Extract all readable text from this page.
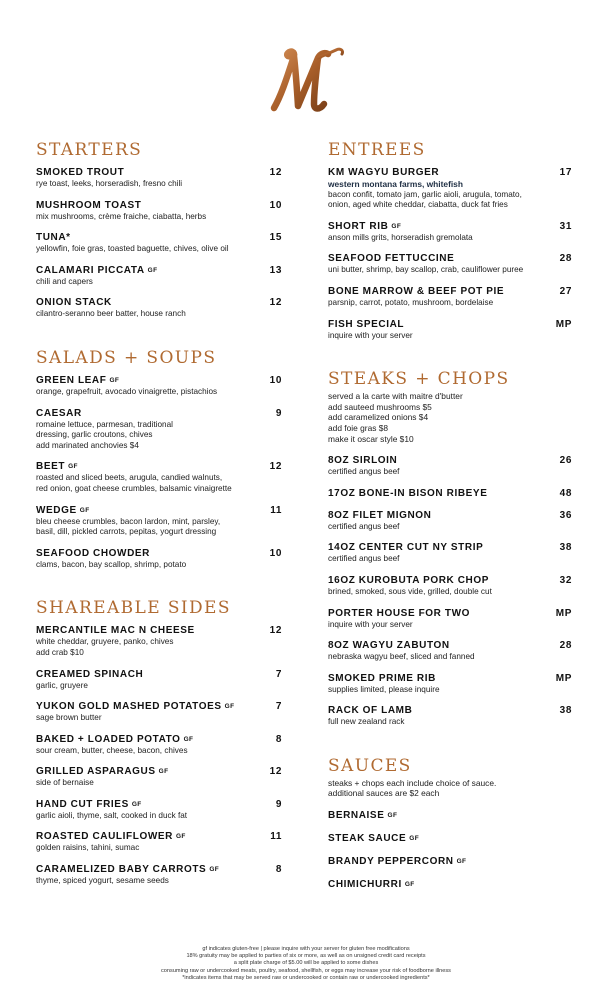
STARTERS
SMOKED TROUT	12
rye toast, leeks, horseradish, fresno chili
MUSHROOM TOAST	10
mix mushrooms, crème fraiche, ciabatta, herbs
TUNA*	15
yellowfin, foie gras, toasted baguette, chives, olive oil
CALAMARI PICCATA GF	13
chili and capers
ONION STACK	12
cilantro-seranno beer batter, house ranch
SALADS + SOUPS
GREEN LEAF GF	10
orange, grapefruit, avocado vinaigrette, pistachios
CAESAR	9
romaine lettuce, parmesan, traditional
dressing, garlic croutons, chives
add marinated anchovies $4
BEET GF	12
roasted and sliced beets, arugula, candied walnuts,
red onion, goat cheese crumbles, balsamic vinaigrette
WEDGE GF	11
bleu cheese crumbles, bacon lardon, mint, parsley,
basil, dill, pickled carrots, pepitas, yogurt dressing
SEAFOOD CHOWDER	10
clams, bacon, bay scallop, shrimp, potato
SHAREABLE SIDES
MERCANTILE MAC N CHEESE	12
white cheddar, gruyere, panko, chives
add crab $10
CREAMED SPINACH	7
garlic, gruyere
YUKON GOLD MASHED POTATOES GF	7
sage brown butter
BAKED + LOADED POTATO GF	8
sour cream, butter, cheese, bacon, chives
GRILLED ASPARAGUS GF	12
side of bernaise
HAND CUT FRIES GF	9
garlic aioli, thyme, salt, cooked in duck fat
ROASTED CAULIFLOWER GF	11
golden raisins, tahini, sumac
CARAMELIZED BABY CARROTS GF	8
thyme, spiced yogurt, sesame seeds
ENTREES
KM WAGYU BURGER	17
western montana farms, whitefish
bacon confit, tomato jam, garlic aioli, arugula, tomato,
onion, aged white cheddar, ciabatta, duck fat fries
SHORT RIB GF	31
anson mills grits, horseradish gremolata
SEAFOOD FETTUCCINE	28
uni butter, shrimp, bay scallop, crab, cauliflower puree
BONE MARROW & BEEF POT PIE	27
parsnip, carrot, potato, mushroom, bordelaise
FISH SPECIAL	MP
inquire with your server
STEAKS + CHOPS
served a la carte with maitre d'butter
add sauteed mushrooms $5
add caramelized onions $4
add foie gras $8
make it oscar style $10
8OZ SIRLOIN	26
certified angus beef
17OZ BONE-IN BISON RIBEYE	48
8OZ FILET MIGNON	36
certified angus beef
14OZ CENTER CUT NY STRIP	38
certified angus beef
16OZ KUROBUTA PORK CHOP	32
brined, smoked, sous vide, grilled, double cut
PORTER HOUSE FOR TWO	MP
inquire with your server
8OZ WAGYU ZABUTON	28
nebraska wagyu beef, sliced and fanned
SMOKED PRIME RIB	MP
supplies limited, please inquire
RACK OF LAMB	38
full new zealand rack
SAUCES
steaks + chops each include choice of sauce.
additional sauces are $2 each
BERNAISE GF
STEAK SAUCE GF
BRANDY PEPPERCORN GF
CHIMICHURRI GF
gf indicates gluten-free | please inquire with your server for gluten free modifications
18% gratuity may be applied to parties of six or more, as well as on unsigned credit card receipts
a split plate charge of $5.00 will be applied to some dishes
consuming raw or undercooked meats, poultry, seafood, shellfish, or eggs may increase your risk of foodborne illness
*indicates items that may be served raw or undercooked or contain raw or undercooked ingredients*
